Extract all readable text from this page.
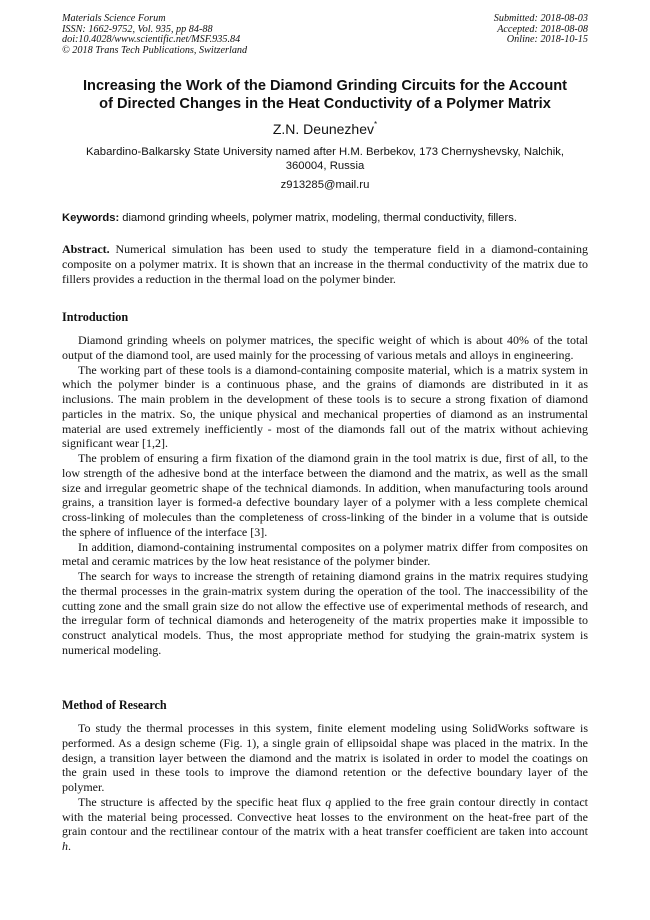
Materials Science Forum
ISSN: 1662-9752, Vol. 935, pp 84-88
doi:10.4028/www.scientific.net/MSF.935.84
© 2018 Trans Tech Publications, Switzerland
Submitted: 2018-08-03
Accepted: 2018-08-08
Online: 2018-10-15
Increasing the Work of the Diamond Grinding Circuits for the Account
of Directed Changes in the Heat Conductivity of a Polymer Matrix
Z.N. Deunezhev*
Kabardino-Balkarsky State University named after H.M. Berbekov, 173 Chernyshevsky, Nalchik,
360004, Russia
z913285@mail.ru
Keywords: diamond grinding wheels, polymer matrix, modeling, thermal conductivity, fillers.

Abstract. Numerical simulation has been used to study the temperature field in a diamond-containing composite on a polymer matrix. It is shown that an increase in the thermal conductivity of the matrix due to fillers provides a reduction in the thermal load on the polymer binder.

Introduction

Diamond grinding wheels on polymer matrices, the specific weight of which is about 40% of the total output of the diamond tool, are used mainly for the processing of various metals and alloys in engineering.

The working part of these tools is a diamond-containing composite material, which is a matrix system in which the polymer binder is a continuous phase, and the grains of diamonds are distributed in it as inclusions. The main problem in the development of these tools is to secure a strong fixation of diamond particles in the matrix. So, the unique physical and mechanical properties of diamond as an instrumental material are used extremely inefficiently - most of the diamonds fall out of the matrix without achieving significant wear [1,2].

The problem of ensuring a firm fixation of the diamond grain in the tool matrix is due, first of all, to the low strength of the adhesive bond at the interface between the diamond and the matrix, as well as the small size and irregular geometric shape of the technical diamonds. In addition, when manufacturing tools around grains, a transition layer is formed-a defective boundary layer of a polymer with a less complete chemical cross-linking of molecules than the completeness of cross-linking of the binder in a volume that is outside the sphere of influence of the interface [3].

In addition, diamond-containing instrumental composites on a polymer matrix differ from composites on metal and ceramic matrices by the low heat resistance of the polymer binder.

The search for ways to increase the strength of retaining diamond grains in the matrix requires studying the thermal processes in the grain-matrix system during the operation of the tool. The inaccessibility of the cutting zone and the small grain size do not allow the effective use of experimental methods of research, and the irregular form of technical diamonds and heterogeneity of the matrix properties make it impossible to construct analytical models. Thus, the most appropriate method for studying the grain-matrix system is numerical modeling.

Method of Research

To study the thermal processes in this system, finite element modeling using SolidWorks software is performed. As a design scheme (Fig. 1), a single grain of ellipsoidal shape was placed in the matrix. In the design, a transition layer between the diamond and the matrix is isolated in order to model the coatings on the grain used in these tools to improve the diamond retention or the defective boundary layer of the polymer.

The structure is affected by the specific heat flux q applied to the free grain contour directly in contact with the material being processed. Convective heat losses to the environment on the heat-free part of the grain contour and the rectilinear contour of the matrix with a heat transfer coefficient are taken into account h.
